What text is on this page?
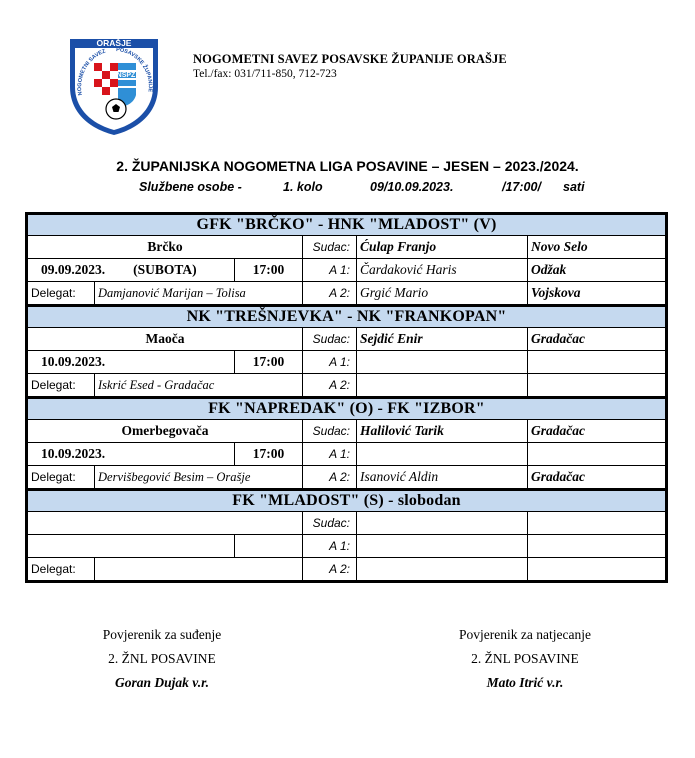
ORAŠJE
NOGOMETNI SAVEZ POSAVSKE ŽUPANIJE
NSPŽ
NOGOMETNI SAVEZ POSAVSKE ŽUPANIJE ORAŠJE
Tel./fax: 031/711-850, 712-723
2. ŽUPANIJSKA NOGOMETNA LIGA POSAVINE – JESEN – 2023./2024.
Službene osobe -	1. kolo	09/10.09.2023.	/17:00/ sati
GFK "BRČKO" - HNK "MLADOST" (V)					
Brčko			Sudac:	Ćulap Franjo	Novo Selo
09.09.2023. (SUBOTA)		17:00	A 1:	Čardaković Haris	Odžak
Delegat:	Damjanović Marijan – Tolisa		A 2:	Grgić Mario	Vojskova
NK "TREŠNJEVKA" - NK "FRANKOPAN"					
Maoča			Sudac:	Sejdić Enir	Gradačac
10.09.2023.		17:00	A 1:		
Delegat:	Iskrić Esed - Gradačac		A 2:		
FK "NAPREDAK" (O) - FK "IZBOR"					
Omerbegovača			Sudac:	Halilović Tarik	Gradačac
10.09.2023.		17:00	A 1:		
Delegat:	Dervišbegović Besim – Orašje		A 2:	Isanović Aldin	Gradačac
FK "MLADOST" (S) - slobodan					
			Sudac:		
			A 1:		
Delegat:			A 2:		
Povjerenik za suđenje
2. ŽNL POSAVINE
Goran Dujak v.r.
Povjerenik za natjecanje
2. ŽNL POSAVINE
Mato Itrić v.r.
